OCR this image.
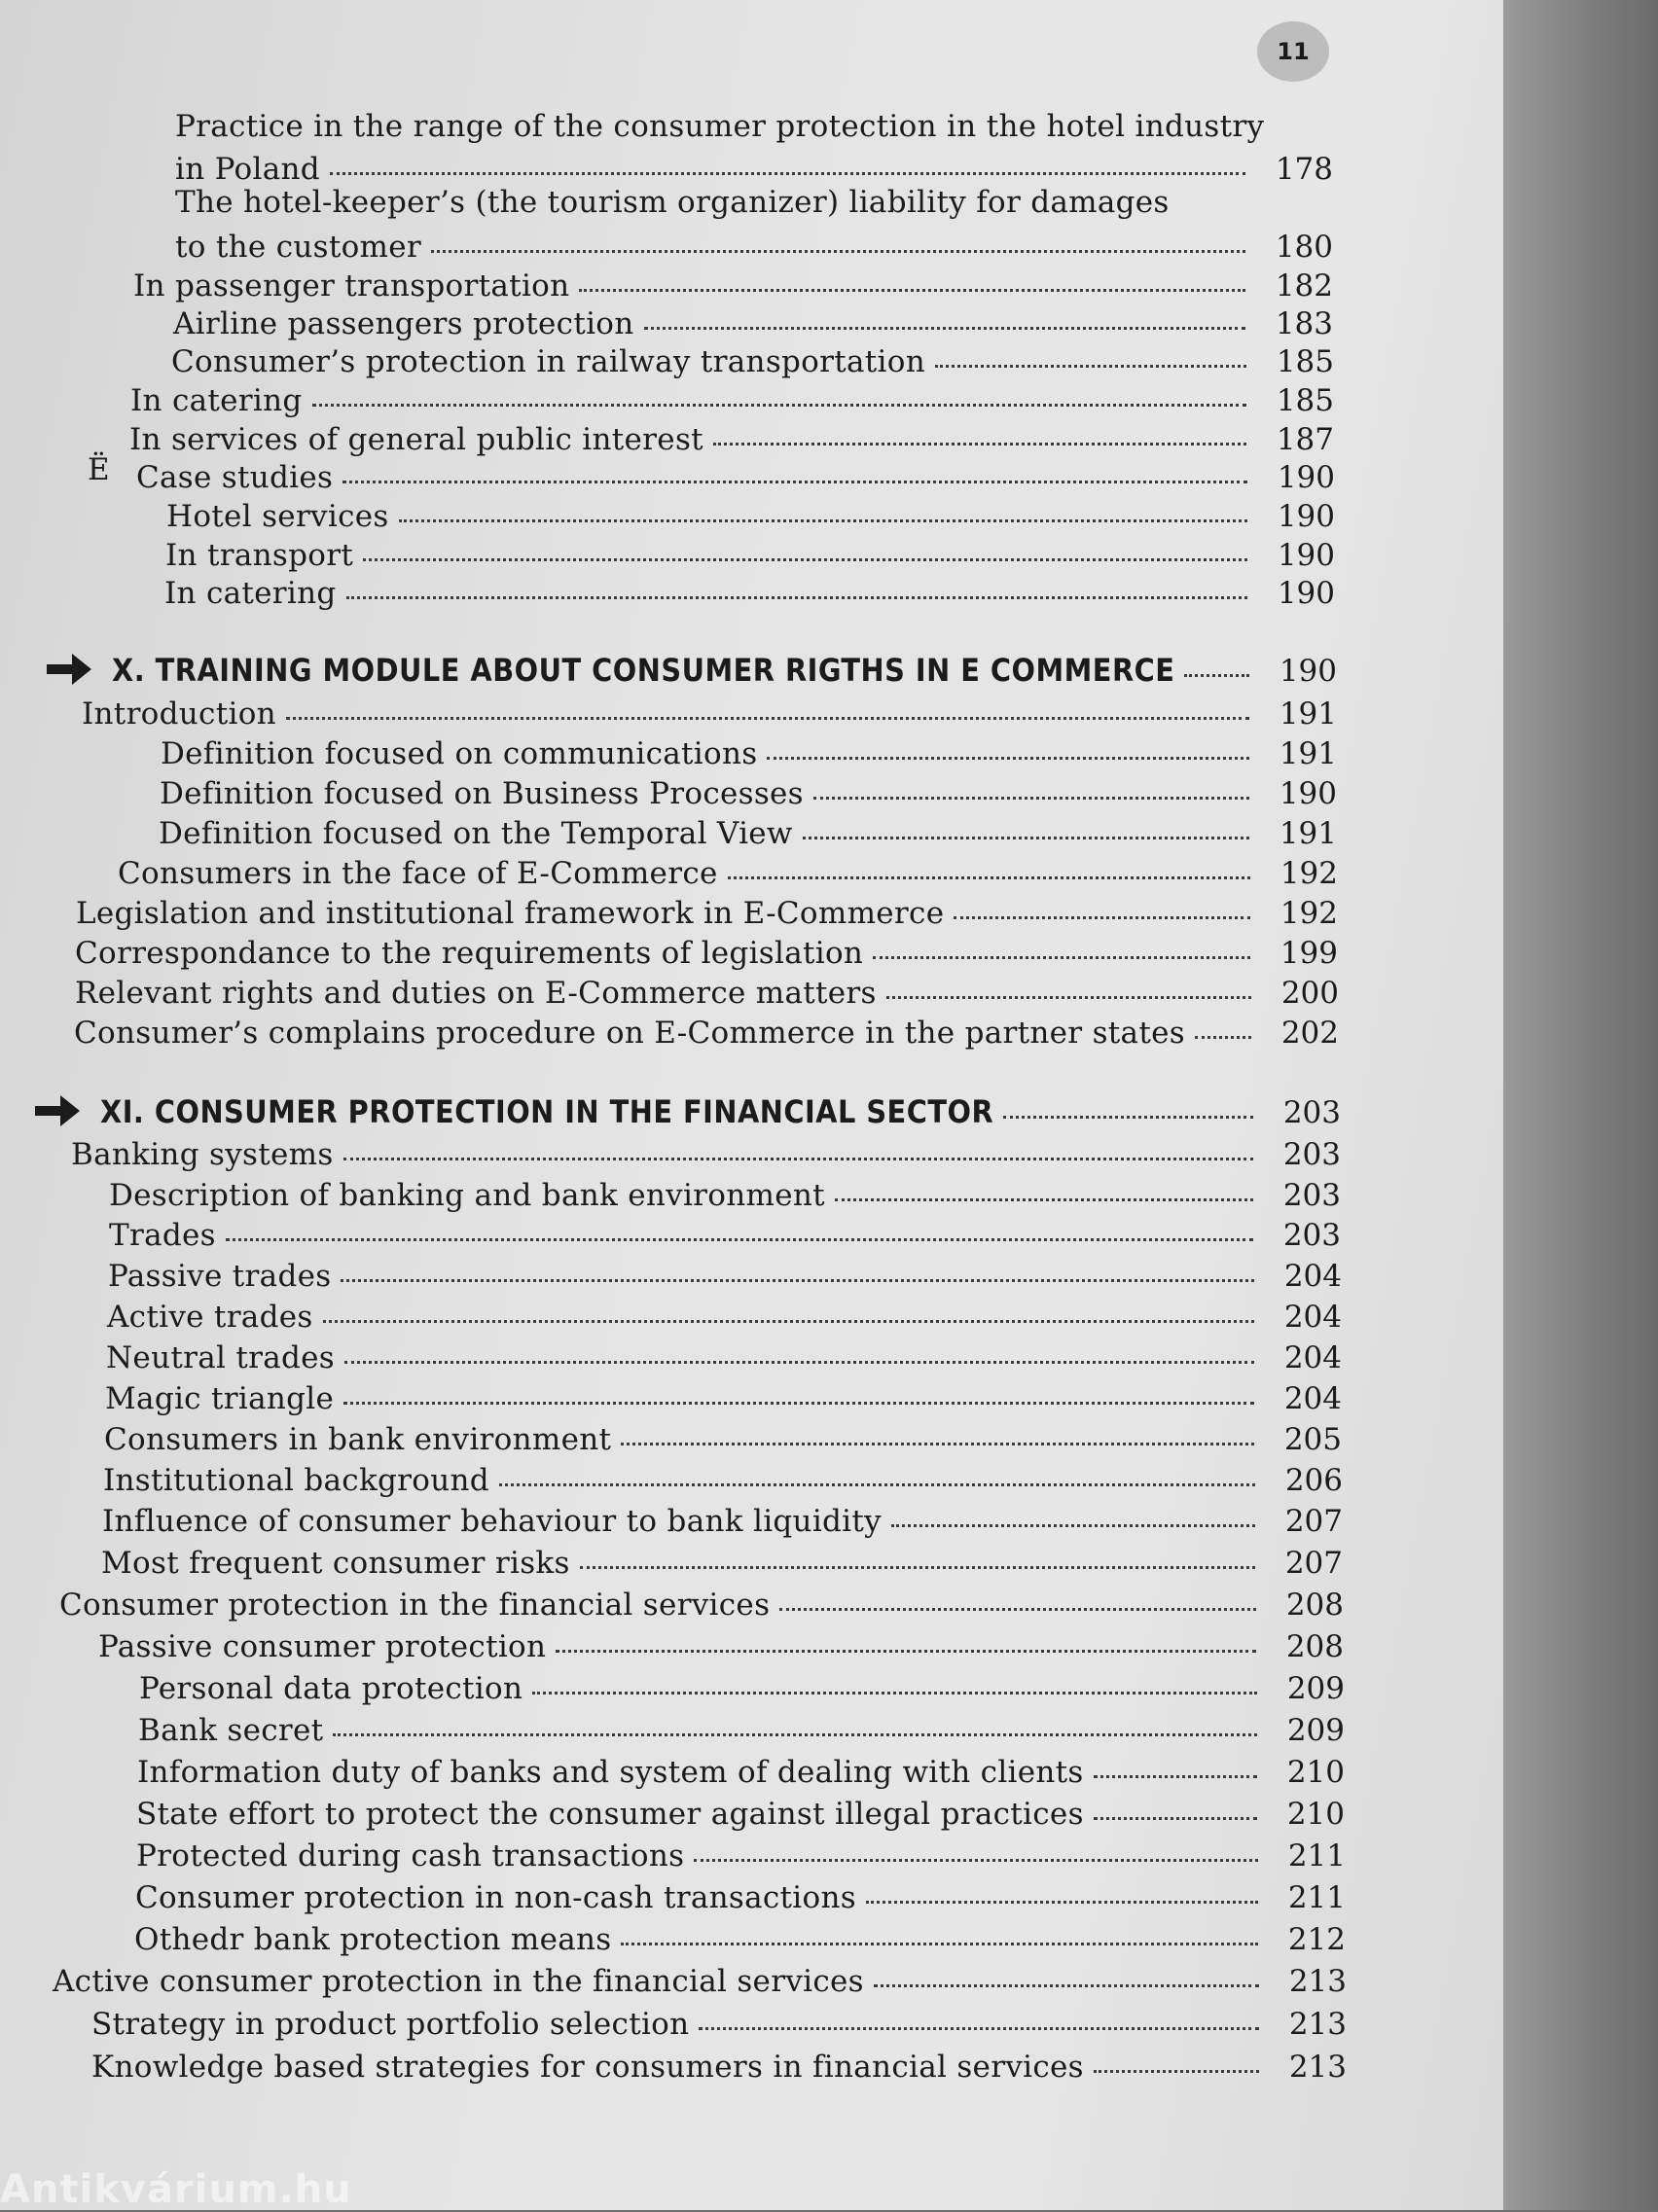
11
Practice in the range of the consumer protection in the hotel industry
in Poland	178
The hotel-keeper’s (the tourism organizer) liability for damages
to the customer	180
In passenger transportation	182
Airline passengers protection	183
Consumer’s protection in railway transportation	185
In catering	185
In services of general public interest	187
Ë Case studies	190
Hotel services	190
In transport	190
In catering	190
X. TRAINING MODULE ABOUT CONSUMER RIGTHS IN E COMMERCE	190
Introduction	191
Definition focused on communications	191
Definition focused on Business Processes	190
Definition focused on the Temporal View	191
Consumers in the face of E-Commerce	192
Legislation and institutional framework in E-Commerce	192
Correspondance to the requirements of legislation	199
Relevant rights and duties on E-Commerce matters	200
Consumer’s complains procedure on E-Commerce in the partner states	202
XI. CONSUMER PROTECTION IN THE FINANCIAL SECTOR	203
Banking systems	203
Description of banking and bank environment	203
Trades	203
Passive trades	204
Active trades	204
Neutral trades	204
Magic triangle	204
Consumers in bank environment	205
Institutional background	206
Influence of consumer behaviour to bank liquidity	207
Most frequent consumer risks	207
Consumer protection in the financial services	208
Passive consumer protection	208
Personal data protection	209
Bank secret	209
Information duty of banks and system of dealing with clients	210
State effort to protect the consumer against illegal practices	210
Protected during cash transactions	211
Consumer protection in non-cash transactions	211
Othedr bank protection means	212
Active consumer protection in the financial services	213
Strategy in product portfolio selection	213
Knowledge based strategies for consumers in financial services	213
Antikvárium.hu
